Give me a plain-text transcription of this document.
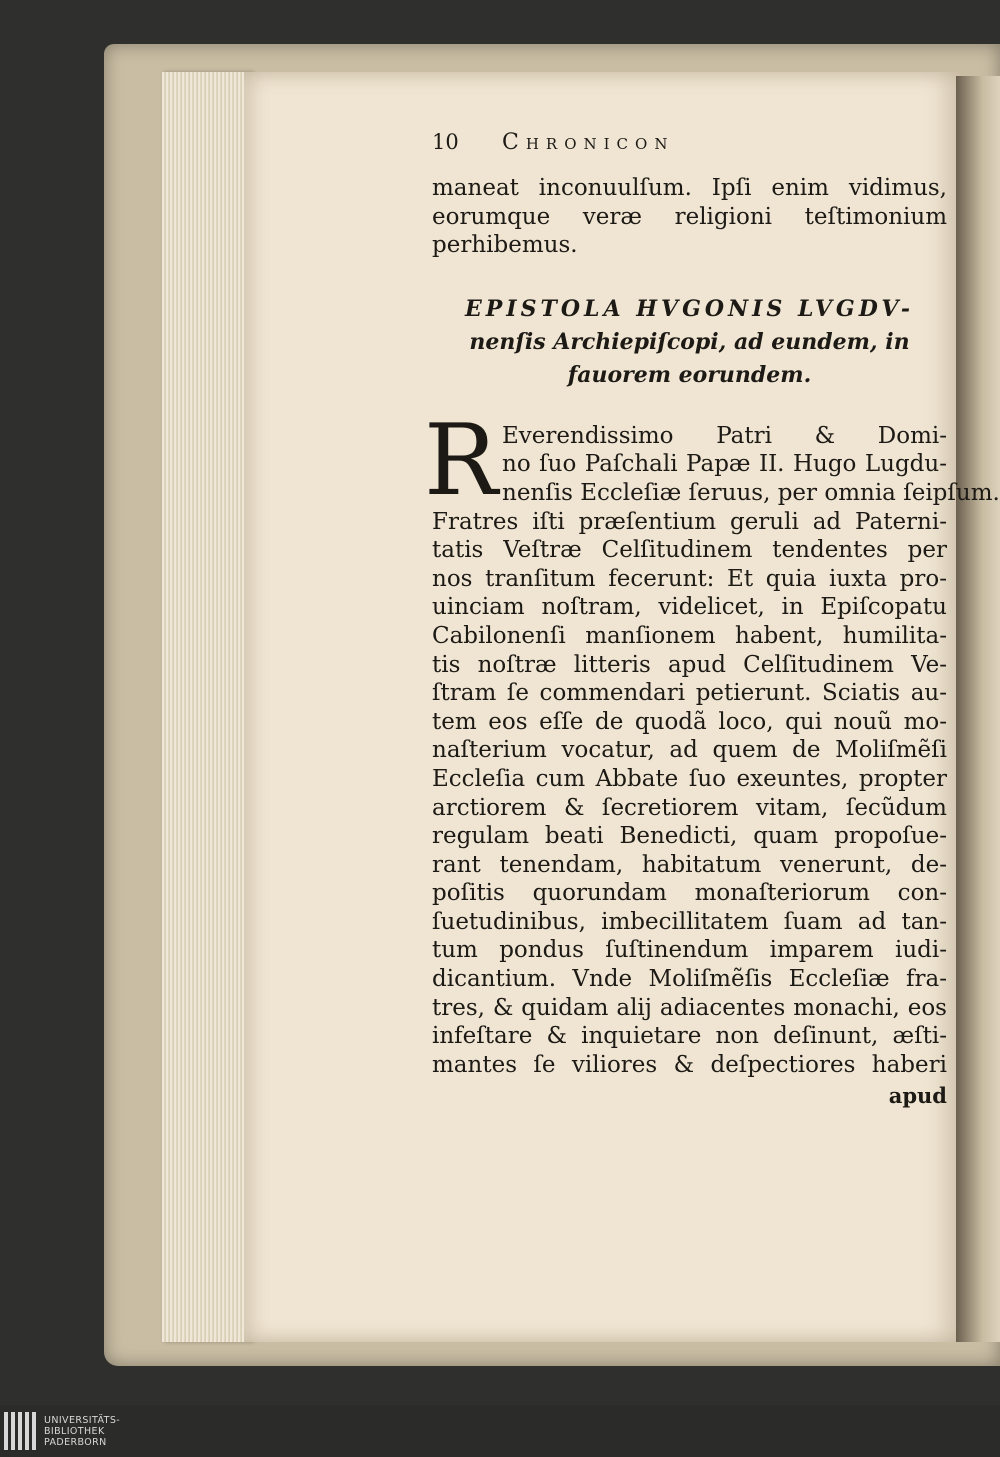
10	Chronicon
maneat inconuulſum. Ipſi enim vidimus,
eorumque veræ religioni teſtimonium
perhibemus.
EPISTOLA HVGONIS LVGDV-
nenſis Archiepiſcopi, ad eundem, in
fauorem eorundem.
R Everendissimo Patri & Domi-
no ſuo Paſchali Papæ II. Hugo Lugdu-
nenſis Eccleſiæ ſeruus, per omnia ſeipſum.
Fratres iſti præſentium geruli ad Paterni-
tatis Veſtræ Celſitudinem tendentes per
nos tranſitum fecerunt: Et quia iuxta pro-
uinciam noſtram, videlicet, in Epiſcopatu
Cabilonenſi manſionem habent, humilita-
tis noſtræ litteris apud Celſitudinem Ve-
ſtram ſe commendari petierunt. Sciatis au-
tem eos eſſe de quodã loco, qui nouũ mo-
naſterium vocatur, ad quem de Moliſmẽſi
Eccleſia cum Abbate ſuo exeuntes, propter
arctiorem & ſecretiorem vitam, ſecũdum
regulam beati Benedicti, quam propoſue-
rant tenendam, habitatum venerunt, de-
poſitis quorundam monaſteriorum con-
ſuetudinibus, imbecillitatem ſuam ad tan-
tum pondus ſuſtinendum imparem iudi-
dicantium. Vnde Moliſmẽſis Eccleſiæ fra-
tres, & quidam alij adiacentes monachi, eos
infeſtare & inquietare non deſinunt, æſti-
mantes ſe viliores & deſpectiores haberi
apud
UNIVERSITÄTS-
BIBLIOTHEK
PADERBORN
